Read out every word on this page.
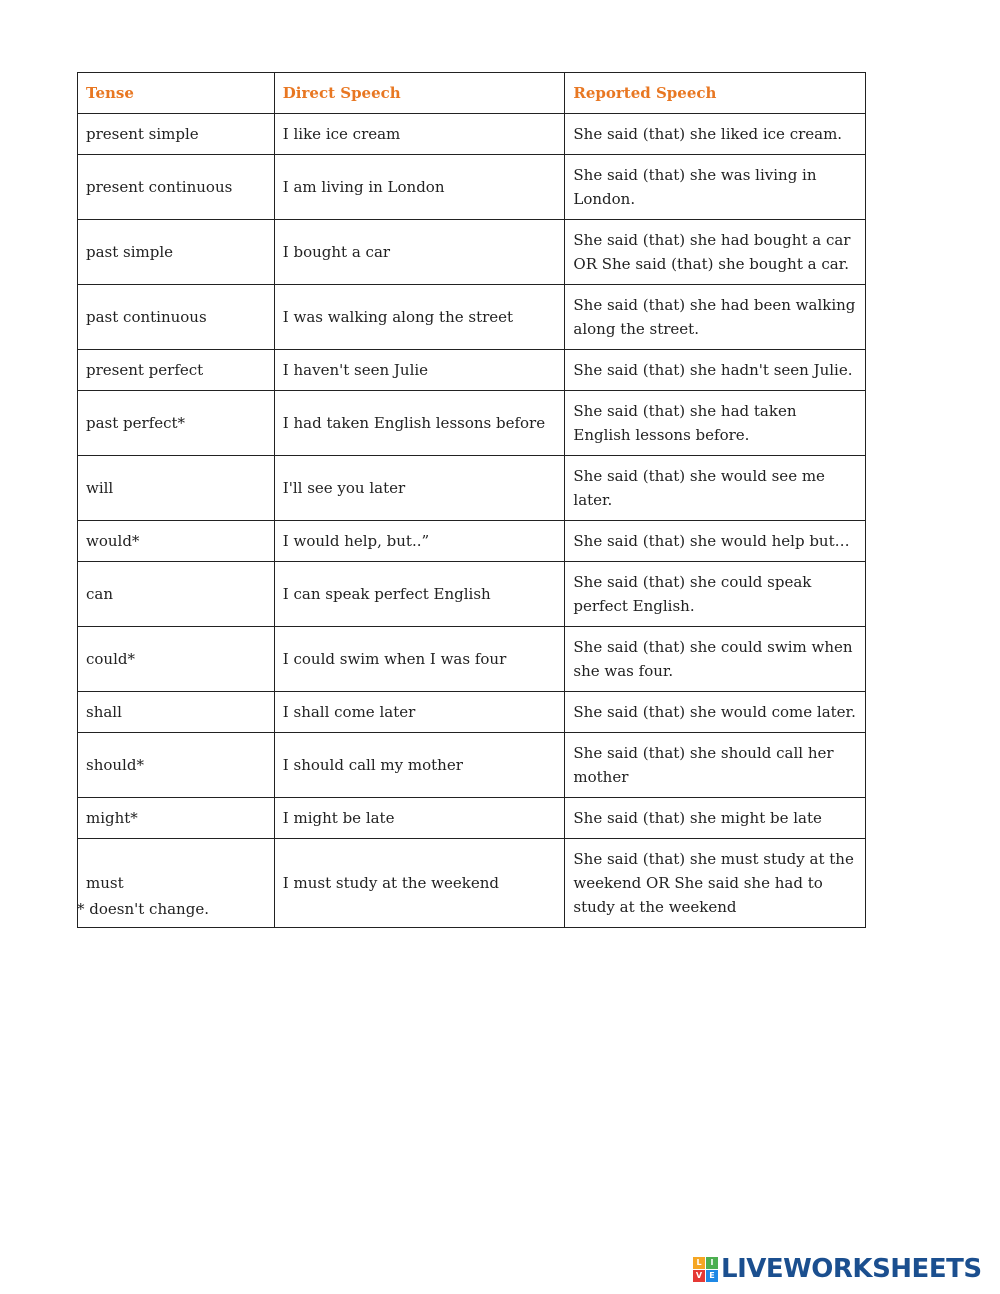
Tense	Direct Speech	Reported Speech
present simple	I like ice cream	She said (that) she liked ice cream.
present continuous	I am living in London	She said (that) she was living in London.
past simple	I bought a car	She said (that) she had bought a car OR She said (that) she bought a car.
past continuous	I was walking along the street	She said (that) she had been walking along the street.
present perfect	I haven't seen Julie	She said (that) she hadn't seen Julie.
past perfect*	I had taken English lessons before	She said (that) she had taken English lessons before.
will	I'll see you later	She said (that) she would see me later.
would*	I would help, but..”	She said (that) she would help but…
can	I can speak perfect English	She said (that) she could speak perfect English.
could*	I could swim when I was four	She said (that) she could swim when she was four.
shall	I shall come later	She said (that) she would come later.
should*	I should call my mother	She said (that) she should call her mother
might*	I might be late	She said (that) she might be late
must	I must study at the weekend	She said (that) she must study at the weekend OR She said she had to study at the weekend
* doesn't change.
L	I
V E LIVEWORKSHEETS
